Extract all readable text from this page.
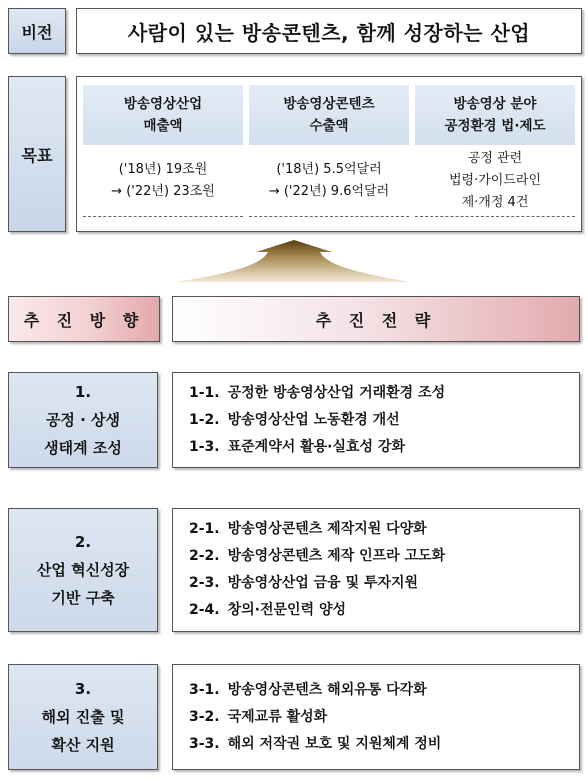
비전	사람이 있는 방송콘텐츠, 함께 성장하는 산업
목표
방송영상산업
매출액
('18년) 19조원
→ ('22년) 23조원
방송영상콘텐츠
수출액
('18년) 5.5억달러
→ ('22년) 9.6억달러
방송영상 분야
공정환경 법·제도
공정 관련
법령·가이드라인
제·개정 4건
추 진 방 향	추 진 전 략
1.
공정 · 상생
생태계 조성
1-1. 공정한 방송영상산업 거래환경 조성
1-2. 방송영상산업 노동환경 개선
1-3. 표준계약서 활용·실효성 강화
2.
산업 혁신성장
기반 구축
2-1. 방송영상콘텐츠 제작지원 다양화
2-2. 방송영상콘텐츠 제작 인프라 고도화
2-3. 방송영상산업 금융 및 투자지원
2-4. 창의·전문인력 양성
3.
해외 진출 및
확산 지원
3-1. 방송영상콘텐츠 해외유통 다각화
3-2. 국제교류 활성화
3-3. 해외 저작권 보호 및 지원체계 정비
